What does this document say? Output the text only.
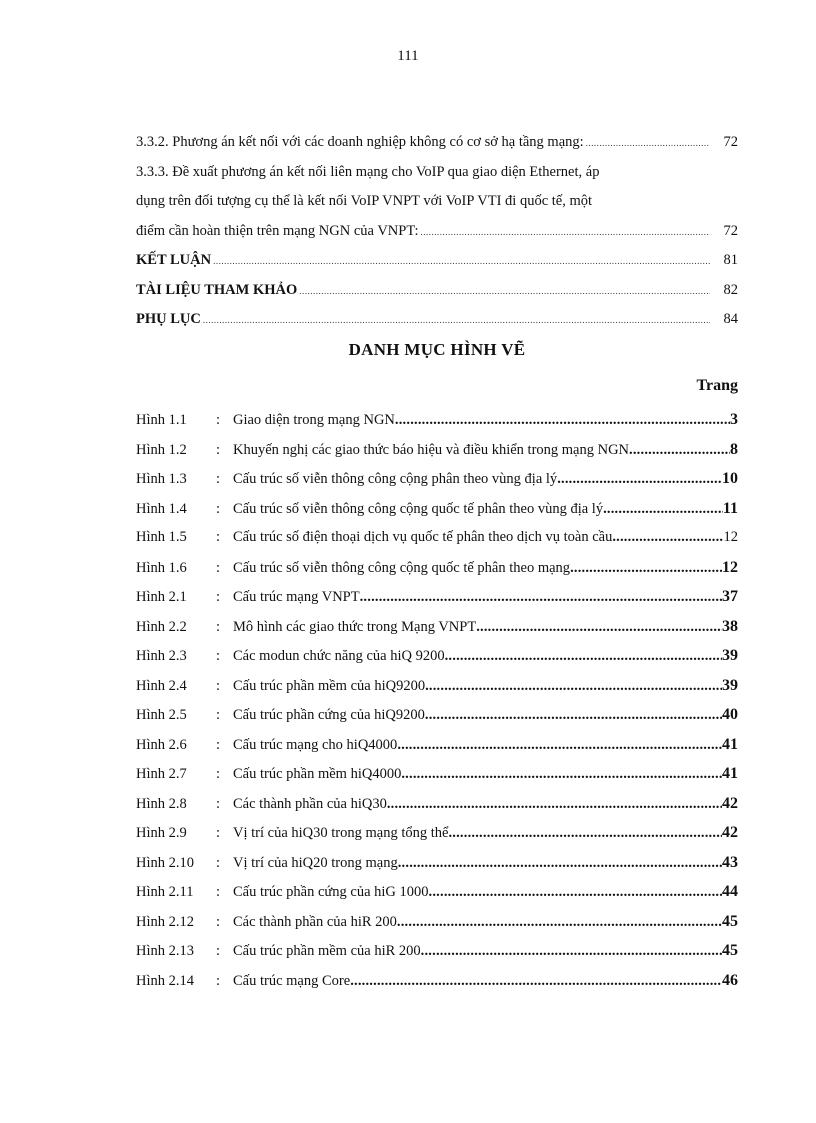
111
3.3.2. Phương án kết nối với các doanh nghiệp không có cơ sở hạ tầng mạng: .....	72
3.3.3. Đề xuất phương án kết nối liên mạng cho VoIP qua giao diện Ethernet, áp
dụng trên đối tượng cụ thể là kết nối VoIP VNPT với VoIP VTI đi quốc tế, một
điểm cần hoàn thiện trên mạng NGN của VNPT: .....	72
KẾT LUẬN .....	81
TÀI LIỆU THAM KHẢO .....	82
PHỤ LỤC .....	84
DANH MỤC HÌNH VẼ
Trang
Hình 1.1	: Giao diện trong mạng NGN .....	3
Hình 1.2	: Khuyến nghị các giao thức báo hiệu và điều khiển trong mạng NGN .....	8
Hình 1.3	: Cấu trúc số viễn thông công cộng phân theo vùng địa lý .....	10
Hình 1.4	: Cấu trúc số viễn thông công cộng quốc tế phân theo vùng địa lý .....	11
Hình 1.5	: Cấu trúc số điện thoại dịch vụ quốc tế phân theo dịch vụ toàn cầu .....	12
Hình 1.6	: Cấu trúc số viễn thông công cộng quốc tế phân theo mạng .....	12
Hình 2.1	: Cấu trúc mạng VNPT .....	37
Hình 2.2	: Mô hình các giao thức trong Mạng VNPT .....	38
Hình 2.3	: Các modun chức năng của hiQ 9200 .....	39
Hình 2.4	: Cấu trúc phần mềm của hiQ9200 .....	39
Hình 2.5	: Cấu trúc phần cứng của hiQ9200 .....	40
Hình 2.6	: Cấu trúc mạng cho hiQ4000 .....	41
Hình 2.7	: Cấu trúc phần mềm hiQ4000 .....	41
Hình 2.8	: Các thành phần của hiQ30 .....	42
Hình 2.9	: Vị trí của hiQ30 trong mạng tổng thể .....	42
Hình 2.10	: Vị trí của hiQ20 trong mạng .....	43
Hình 2.11	: Cấu trúc phần cứng của hiG 1000 .....	44
Hình 2.12	: Các thành phần của hiR 200 .....	45
Hình 2.13	: Cấu trúc phần mềm của hiR 200 .....	45
Hình 2.14	: Cấu trúc mạng Core .....	46
